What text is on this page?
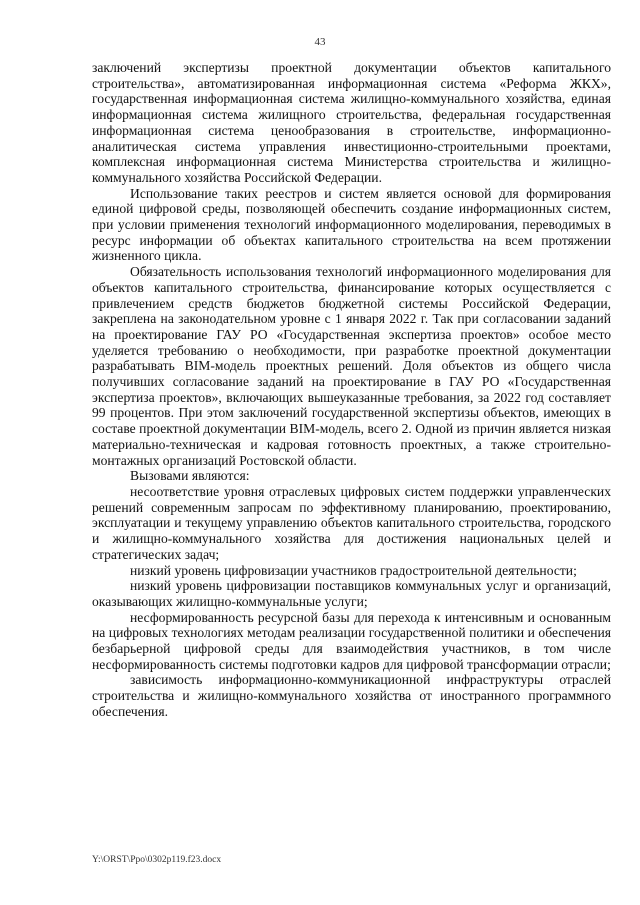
43

заключений экспертизы проектной документации объектов капитального строительства», автоматизированная информационная система «Реформа ЖКХ», государственная информационная система жилищно-коммунального хозяйства, единая информационная система жилищного строительства, федеральная государственная информационная система ценообразования в строительстве, информационно-аналитическая система управления инвестиционно-строительными проектами, комплексная информационная система Министерства строительства и жилищно-коммунального хозяйства Российской Федерации.

Использование таких реестров и систем является основой для формирования единой цифровой среды, позволяющей обеспечить создание информационных систем, при условии применения технологий информационного моделирования, переводимых в ресурс информации об объектах капитального строительства на всем протяжении жизненного цикла.

Обязательность использования технологий информационного моделирования для объектов капитального строительства, финансирование которых осуществляется с привлечением средств бюджетов бюджетной системы Российской Федерации, закреплена на законодательном уровне с 1 января 2022 г. Так при согласовании заданий на проектирование ГАУ РО «Государственная экспертиза проектов» особое место уделяется требованию о необходимости, при разработке проектной документации разрабатывать BIM-модель проектных решений. Доля объектов из общего числа получивших согласование заданий на проектирование в ГАУ РО «Государственная экспертиза проектов», включающих вышеуказанные требования, за 2022 год составляет 99 процентов. При этом заключений государственной экспертизы объектов, имеющих в составе проектной документации BIM-модель, всего 2. Одной из причин является низкая материально-техническая и кадровая готовность проектных, а также строительно-монтажных организаций Ростовской области.

Вызовами являются:

несоответствие уровня отраслевых цифровых систем поддержки управленческих решений современным запросам по эффективному планированию, проектированию, эксплуатации и текущему управлению объектов капитального строительства, городского и жилищно-коммунального хозяйства для достижения национальных целей и стратегических задач;

низкий уровень цифровизации участников градостроительной деятельности;

низкий уровень цифровизации поставщиков коммунальных услуг и организаций, оказывающих жилищно-коммунальные услуги;

несформированность ресурсной базы для перехода к интенсивным и основанным на цифровых технологиях методам реализации государственной политики и обеспечения безбарьерной цифровой среды для взаимодействия участников, в том числе несформированность системы подготовки кадров для цифровой трансформации отрасли;

зависимость информационно-коммуникационной инфраструктуры отраслей строительства и жилищно-коммунального хозяйства от иностранного программного обеспечения.

Y:\ORST\Ppo\0302p119.f23.docx
